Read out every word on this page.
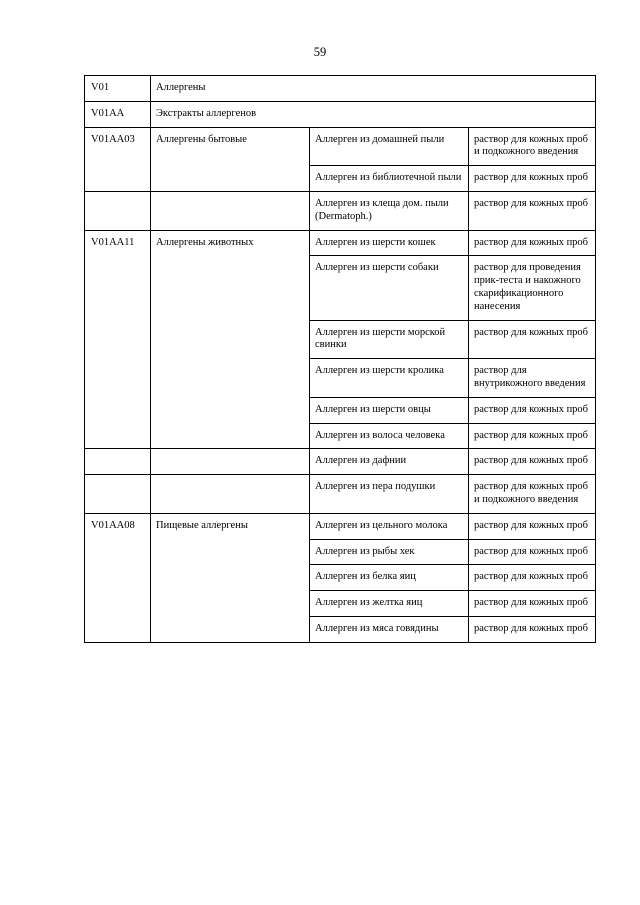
59
V01	Аллергены		
V01AA	Экстракты аллергенов		
V01AA03	Аллергены бытовые	Аллерген из домашней пыли	раствор для кожных проб и подкожного введения
		Аллерген из библиотечной пыли	раствор для кожных проб
		Аллерген из клеща дом. пыли (Dermatoph.)	раствор для кожных проб
V01AA11	Аллергены животных	Аллерген из шерсти кошек	раствор для кожных проб
		Аллерген из шерсти собаки	раствор для проведения прик-теста и накожного скарификационного нанесения
		Аллерген из шерсти морской свинки	раствор для кожных проб
		Аллерген из шерсти кролика	раствор для внутрикожного введения
		Аллерген из шерсти овцы	раствор для кожных проб
		Аллерген из волоса человека	раствор для кожных проб
		Аллерген из дафнии	раствор для кожных проб
		Аллерген из пера подушки	раствор для кожных проб и подкожного введения
V01AA08	Пищевые аллергены	Аллерген из цельного молока	раствор для кожных проб
		Аллерген из рыбы хек	раствор для кожных проб
		Аллерген из белка яиц	раствор для кожных проб
		Аллерген из желтка яиц	раствор для кожных проб
		Аллерген из мяса говядины	раствор для кожных проб
